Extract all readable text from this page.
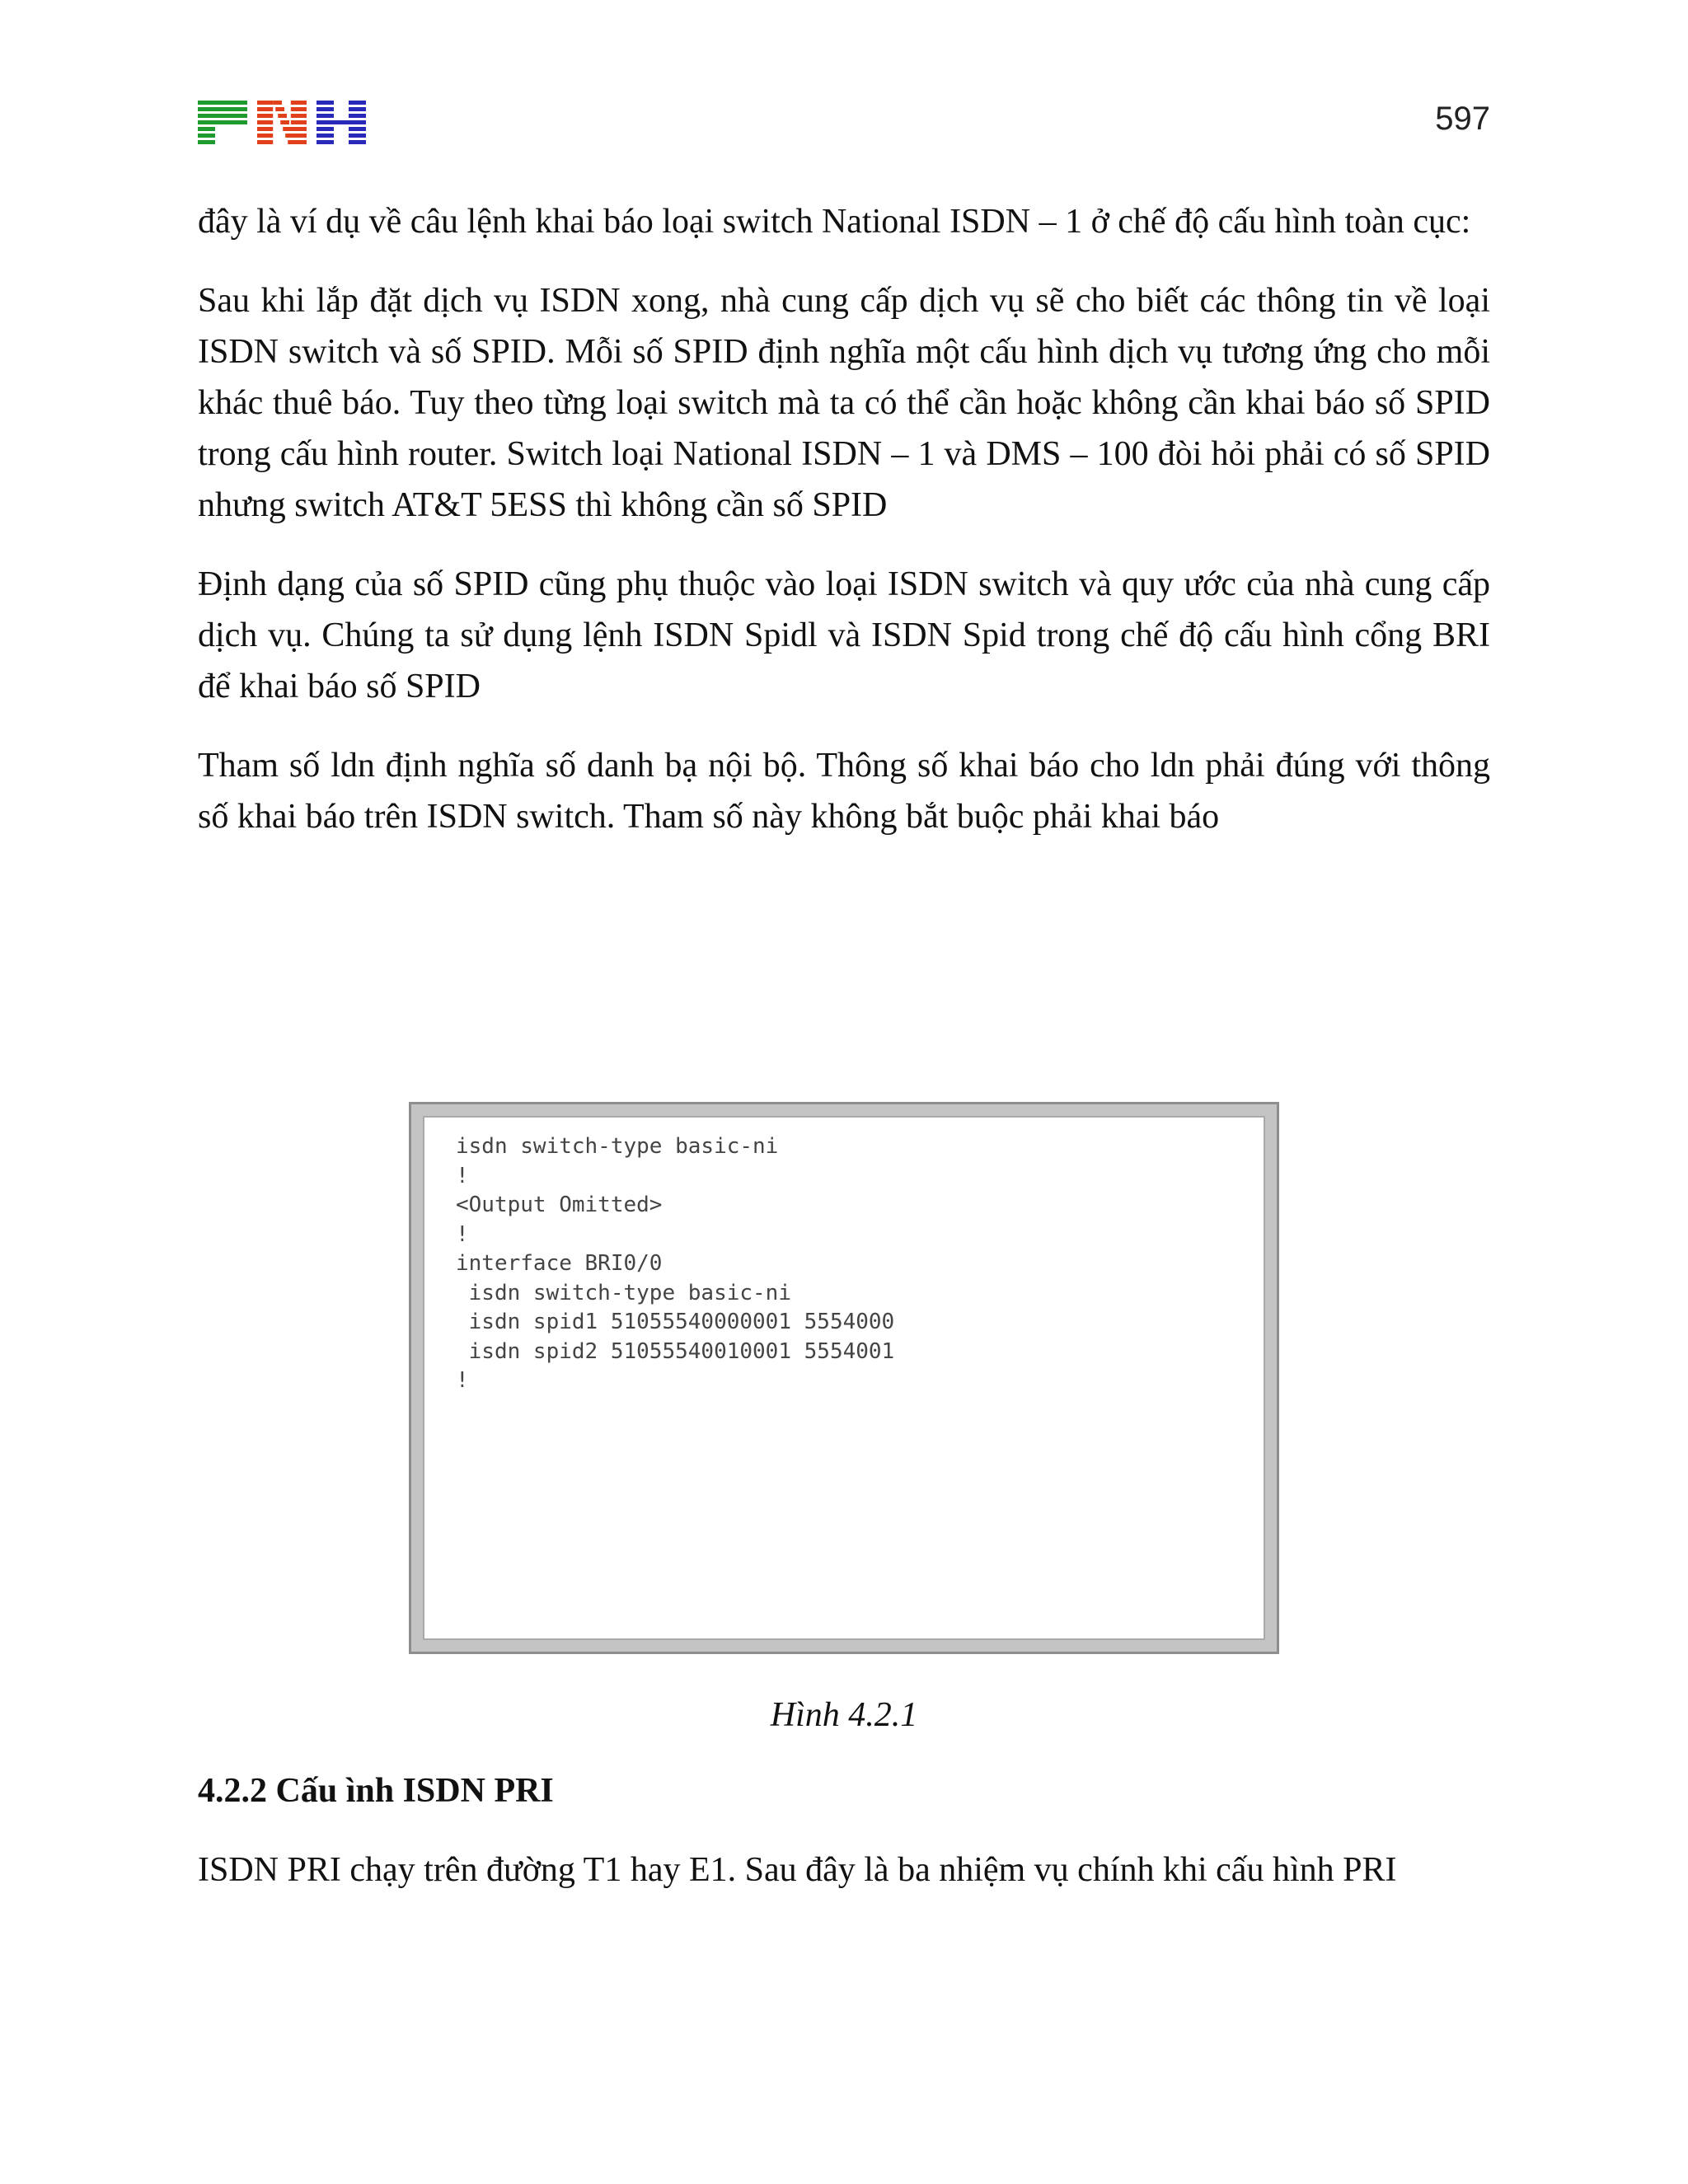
597

đây là ví dụ về câu lệnh khai báo loại switch National ISDN – 1 ở chế độ cấu hình toàn cục:

Sau khi lắp đặt dịch vụ ISDN xong, nhà cung cấp dịch vụ sẽ cho biết các thông tin về loại ISDN switch và số SPID. Mỗi số SPID định nghĩa một cấu hình dịch vụ tương ứng cho mỗi khác thuê báo. Tuy theo từng loại switch mà ta có thể cần hoặc không cần khai báo số SPID trong cấu hình router. Switch loại National ISDN – 1 và DMS – 100 đòi hỏi phải có số SPID nhưng switch AT&T 5ESS thì không cần số SPID

Định dạng của số SPID cũng phụ thuộc vào loại ISDN switch và quy ước của nhà cung cấp dịch vụ. Chúng ta sử dụng lệnh ISDN Spidl và ISDN Spid trong chế độ cấu hình cổng BRI để khai báo số SPID

Tham số ldn định nghĩa số danh bạ nội bộ. Thông số khai báo cho ldn phải đúng với thông số khai báo trên ISDN switch. Tham số này không bắt buộc phải khai báo

isdn switch-type basic-ni

!

<Output Omitted>

!

interface BRI0/0

isdn switch-type basic-ni

isdn spid1 51055540000001 5554000

isdn spid2 51055540010001 5554001

!

Hình 4.2.1
4.2.2 Cấu ình ISDN PRI

ISDN PRI chạy trên đường T1 hay E1. Sau đây là ba nhiệm vụ chính khi cấu hình PRI
